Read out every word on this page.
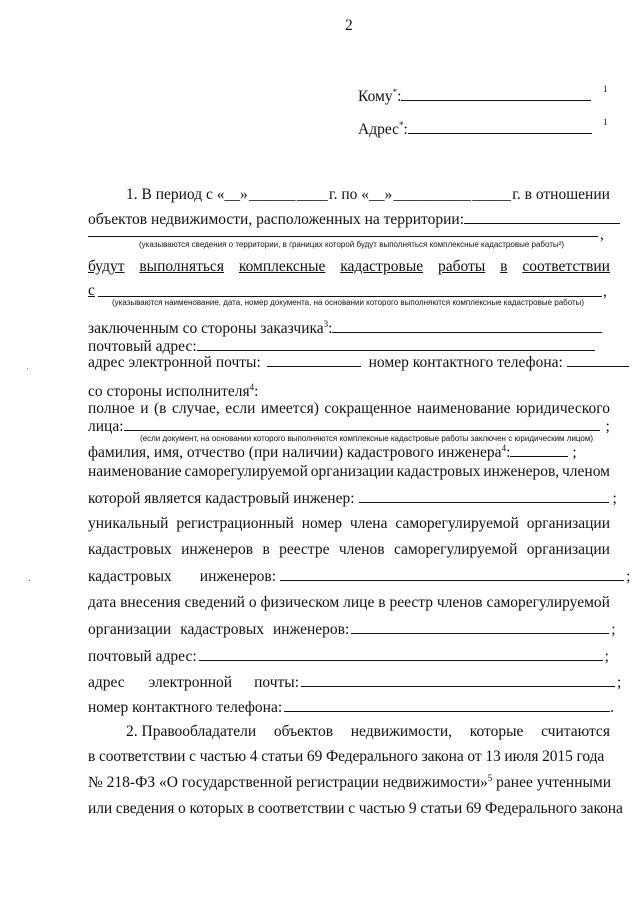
2
Кому*:	1
Адрес*:	1
1. В период с «__» ______ ____ г. по «__» __________ _____ г. в отношении
объектов недвижимости, расположенных на территории:
,
(указываются сведения о территории, в границах которой будут выполняться комплексные кадастровые работы²)
будут выполняться комплексные кадастровые работы в соответствии
с	,
(указываются наименование, дата, номер документа, на основании которого выполняются комплексные кадастровые работы)
заключенным со стороны заказчика$^3$:
почтовый адрес:
адрес электронной почты:	номер контактного телефона:
со стороны исполнителя$^4$:
полное и (в случае, если имеется) сокращенное наименование юридического
лица:	;
(если документ, на основании которого выполняются комплексные кадастровые работы заключен с юридическим лицом)
фамилия, имя, отчество (при наличии) кадастрового инженера$^4$:	;
наименование саморегулируемой организации кадастровых инженеров, членом
которой является кадастровый инженер:	;
уникальный регистрационный номер члена саморегулируемой организации
кадастровых инженеров в реестре членов саморегулируемой организации
кадастровых инженеров:	;
дата внесения сведений о физическом лице в реестр членов саморегулируемой
организации кадастровых инженеров:	;
почтовый адрес:	;
адрес электронной почты:	;
номер контактного телефона:	.
2. Правообладатели объектов недвижимости, которые считаются
в соответствии с частью 4 статьи 69 Федерального закона от 13 июля 2015 года
№ 218-ФЗ «О государственной регистрации недвижимости»$^5$ ранее учтенными
или сведения о которых в соответствии с частью 9 статьи 69 Федерального закона
